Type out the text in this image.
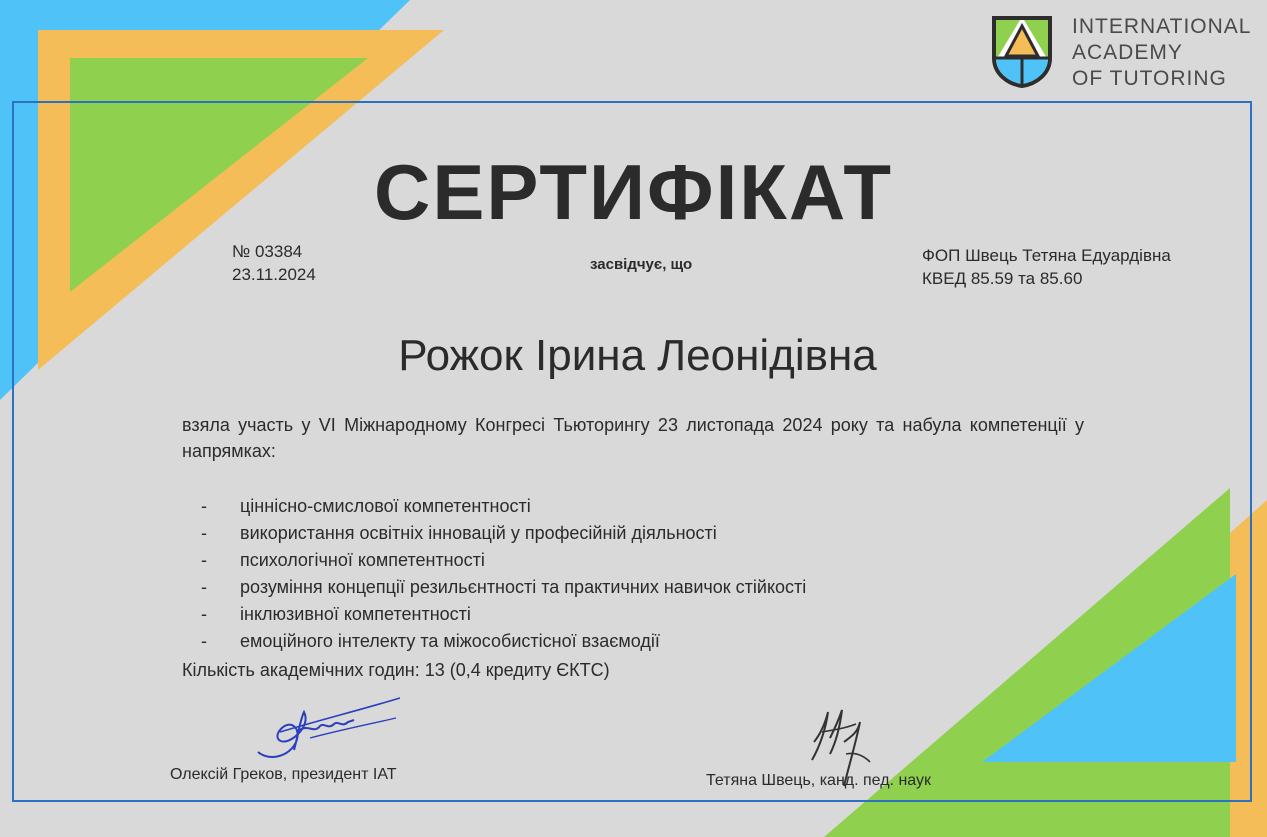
INTERNATIONAL
ACADEMY
OF TUTORING
СЕРТИФІКАТ
№ 03384
23.11.2024
засвідчує, що	ФОП Швець Тетяна Едуардівна
КВЕД 85.59 та 85.60
Рожок Ірина Леонідівна
взяла участь у VI Міжнародному Конгресі Тьюторингу 23 листопада 2024 року та набула компетенції у напрямках:
-	ціннісно-смислової компетентності
-	використання освітніх інновацій у професійній діяльності
-	психологічної компетентності
-	розуміння концепції резильєнтності та практичних навичок стійкості
-	інклюзивної компетентності
-	емоційного інтелекту та міжособистісної взаємодії
Кількість академічних годин: 13 (0,4 кредиту ЄКТС)
Олексій Греков, президент ІАТ	Тетяна Швець, канд. пед. наук
